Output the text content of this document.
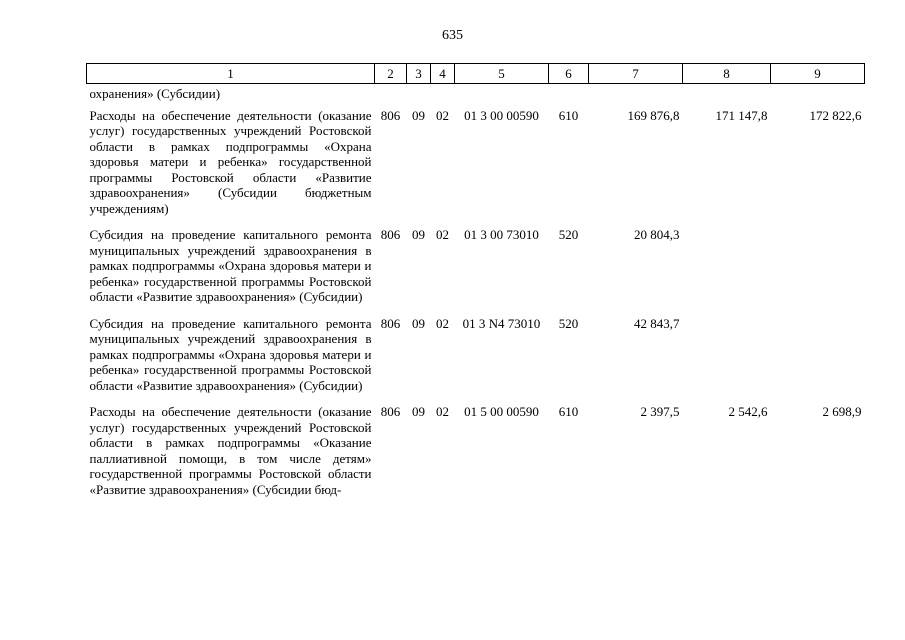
635
1	2	3	4	5	6	7	8	9
охранения» (Субсидии)								
Расходы на обеспечение деятельности (оказание услуг) государственных учреждений Ростовской области в рамках подпрограммы «Охрана здоровья матери и ребенка» государственной программы Ростовской области «Развитие здравоохранения» (Субсидии бюджетным учреждениям)	806	09	02	01 3 00 00590	610	169 876,8	171 147,8	172 822,6
Субсидия на проведение капитального ремонта муниципальных учреждений здравоохранения в рамках подпрограммы «Охрана здоровья матери и ребенка» государственной программы Ростовской области «Развитие здравоохранения» (Субсидии)	806	09	02	01 3 00 73010	520	20 804,3		
Субсидия на проведение капитального ремонта муниципальных учреждений здравоохранения в рамках подпрограммы «Охрана здоровья матери и ребенка» государственной программы Ростовской области «Развитие здравоохранения» (Субсидии)	806	09	02	01 3 N4 73010	520	42 843,7		
Расходы на обеспечение деятельности (оказание услуг) государственных учреждений Ростовской области в рамках подпрограммы «Оказание паллиативной помощи, в том числе детям» государственной программы Ростовской области «Развитие здравоохранения» (Субсидии бюд-	806	09	02	01 5 00 00590	610	2 397,5	2 542,6	2 698,9
